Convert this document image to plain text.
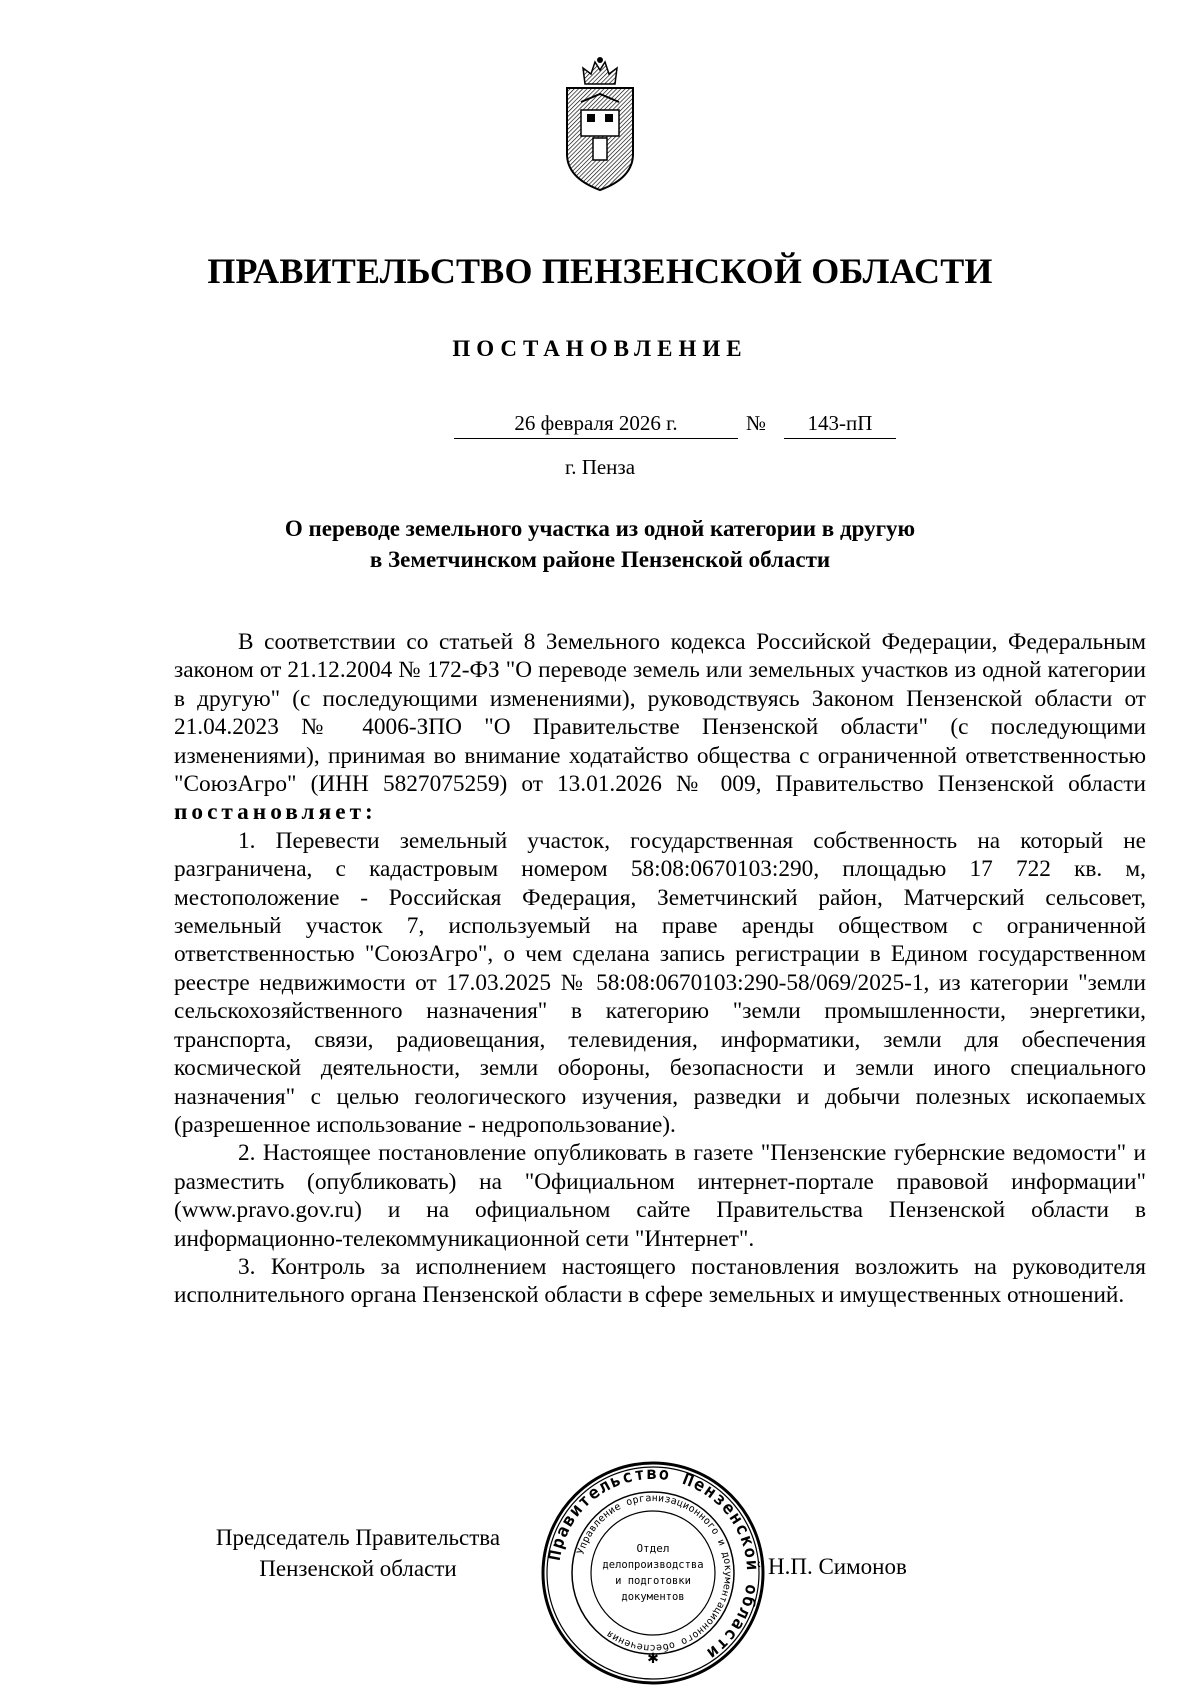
ПРАВИТЕЛЬСТВО ПЕНЗЕНСКОЙ ОБЛАСТИ
ПОСТАНОВЛЕНИЕ
26 февраля 2026 г.	№	143-пП
г. Пенза
О переводе земельного участка из одной категории в другую
в Земетчинском районе Пензенской области

В соответствии со статьей 8 Земельного кодекса Российской Федерации, Федеральным законом от 21.12.2004 № 172-ФЗ "О переводе земель или земельных участков из одной категории в другую" (с последующими изменениями), руководствуясь Законом Пензенской области от 21.04.2023 № 4006-ЗПО "О Правительстве Пензенской области" (с последующими изменениями), принимая во внимание ходатайство общества с ограниченной ответственностью "СоюзАгро" (ИНН 5827075259) от 13.01.2026 № 009, Правительство Пензенской области постановляет:

1. Перевести земельный участок, государственная собственность на который не разграничена, с кадастровым номером 58:08:0670103:290, площадью 17 722 кв. м, местоположение - Российская Федерация, Земетчинский район, Матчерский сельсовет, земельный участок 7, используемый на праве аренды обществом с ограниченной ответственностью "СоюзАгро", о чем сделана запись регистрации в Едином государственном реестре недвижимости от 17.03.2025 № 58:08:0670103:290-58/069/2025-1, из категории "земли сельскохозяйственного назначения" в категорию "земли промышленности, энергетики, транспорта, связи, радиовещания, телевидения, информатики, земли для обеспечения космической деятельности, земли обороны, безопасности и земли иного специального назначения" с целью геологического изучения, разведки и добычи полезных ископаемых (разрешенное использование - недропользование).

2. Настоящее постановление опубликовать в газете "Пензенские губернские ведомости" и разместить (опубликовать) на "Официальном интернет-портале правовой информации" (www.pravo.gov.ru) и на официальном сайте Правительства Пензенской области в информационно-телекоммуникационной сети "Интернет".

3. Контроль за исполнением настоящего постановления возложить на руководителя исполнительного органа Пензенской области в сфере земельных и имущественных отношений.

Председатель Правительства
Пензенской области	Н.П. Симонов
Правительство Пензенской области
Управление организационного и документационного обеспечения
Отдел
делопроизводства
и подготовки
документов
✱
